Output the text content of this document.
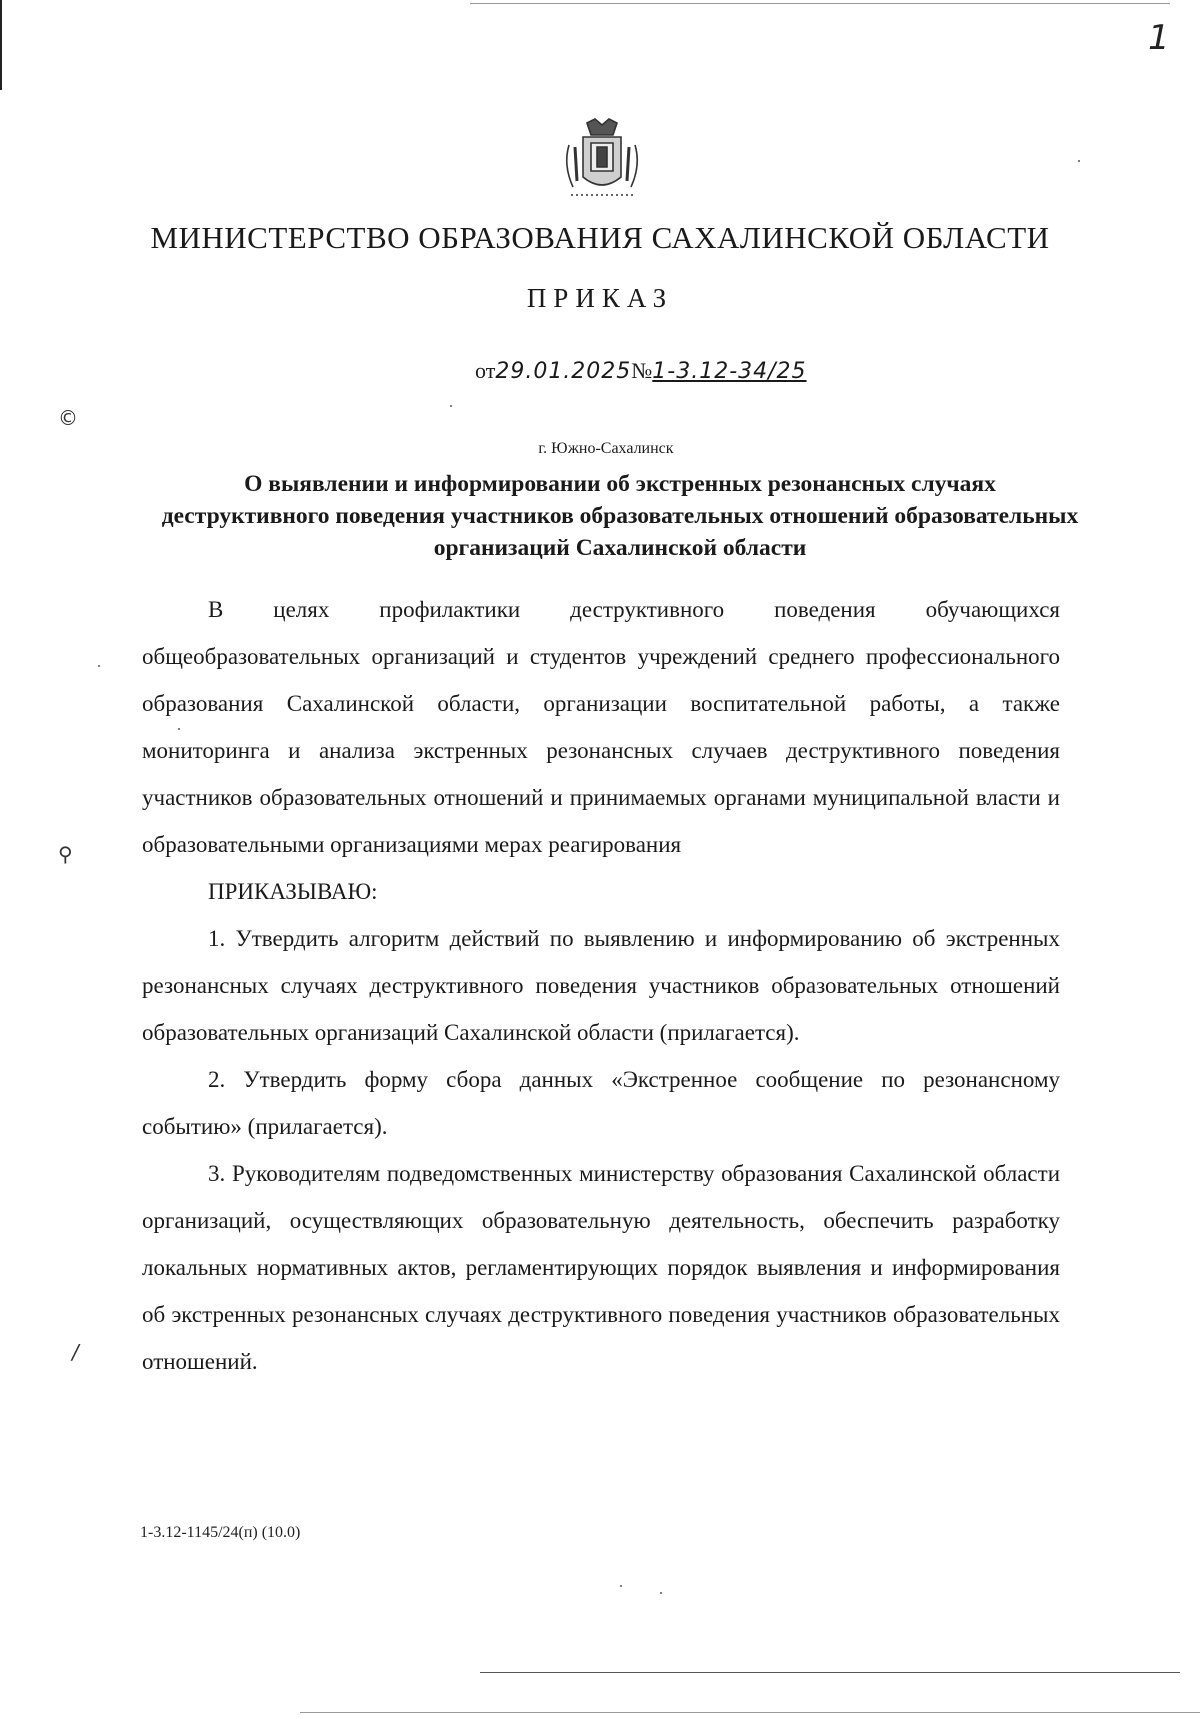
1
МИНИСТЕРСТВО ОБРАЗОВАНИЯ САХАЛИНСКОЙ ОБЛАСТИ
ПРИКАЗ
от29.01.2025№1-3.12-34/25
г. Южно-Сахалинск
О выявлении и информировании об экстренных резонансных случаях деструктивного поведения участников образовательных отношений образовательных организаций Сахалинской области

В целях профилактики деструктивного поведения обучающихся общеобразовательных организаций и студентов учреждений среднего профессионального образования Сахалинской области, организации воспитательной работы, а также мониторинга и анализа экстренных резонансных случаев деструктивного поведения участников образовательных отношений и принимаемых органами муниципальной власти и образовательными организациями мерах реагирования

ПРИКАЗЫВАЮ:

1. Утвердить алгоритм действий по выявлению и информированию об экстренных резонансных случаях деструктивного поведения участников образовательных отношений образовательных организаций Сахалинской области (прилагается).

2. Утвердить форму сбора данных «Экстренное сообщение по резонансному событию» (прилагается).

3. Руководителям подведомственных министерству образования Сахалинской области организаций, осуществляющих образовательную деятельность, обеспечить разработку локальных нормативных актов, регламентирующих порядок выявления и информирования об экстренных резонансных случаях деструктивного поведения участников образовательных отношений.

1-3.12-1145/24(п) (10.0)
©
⚲
/
